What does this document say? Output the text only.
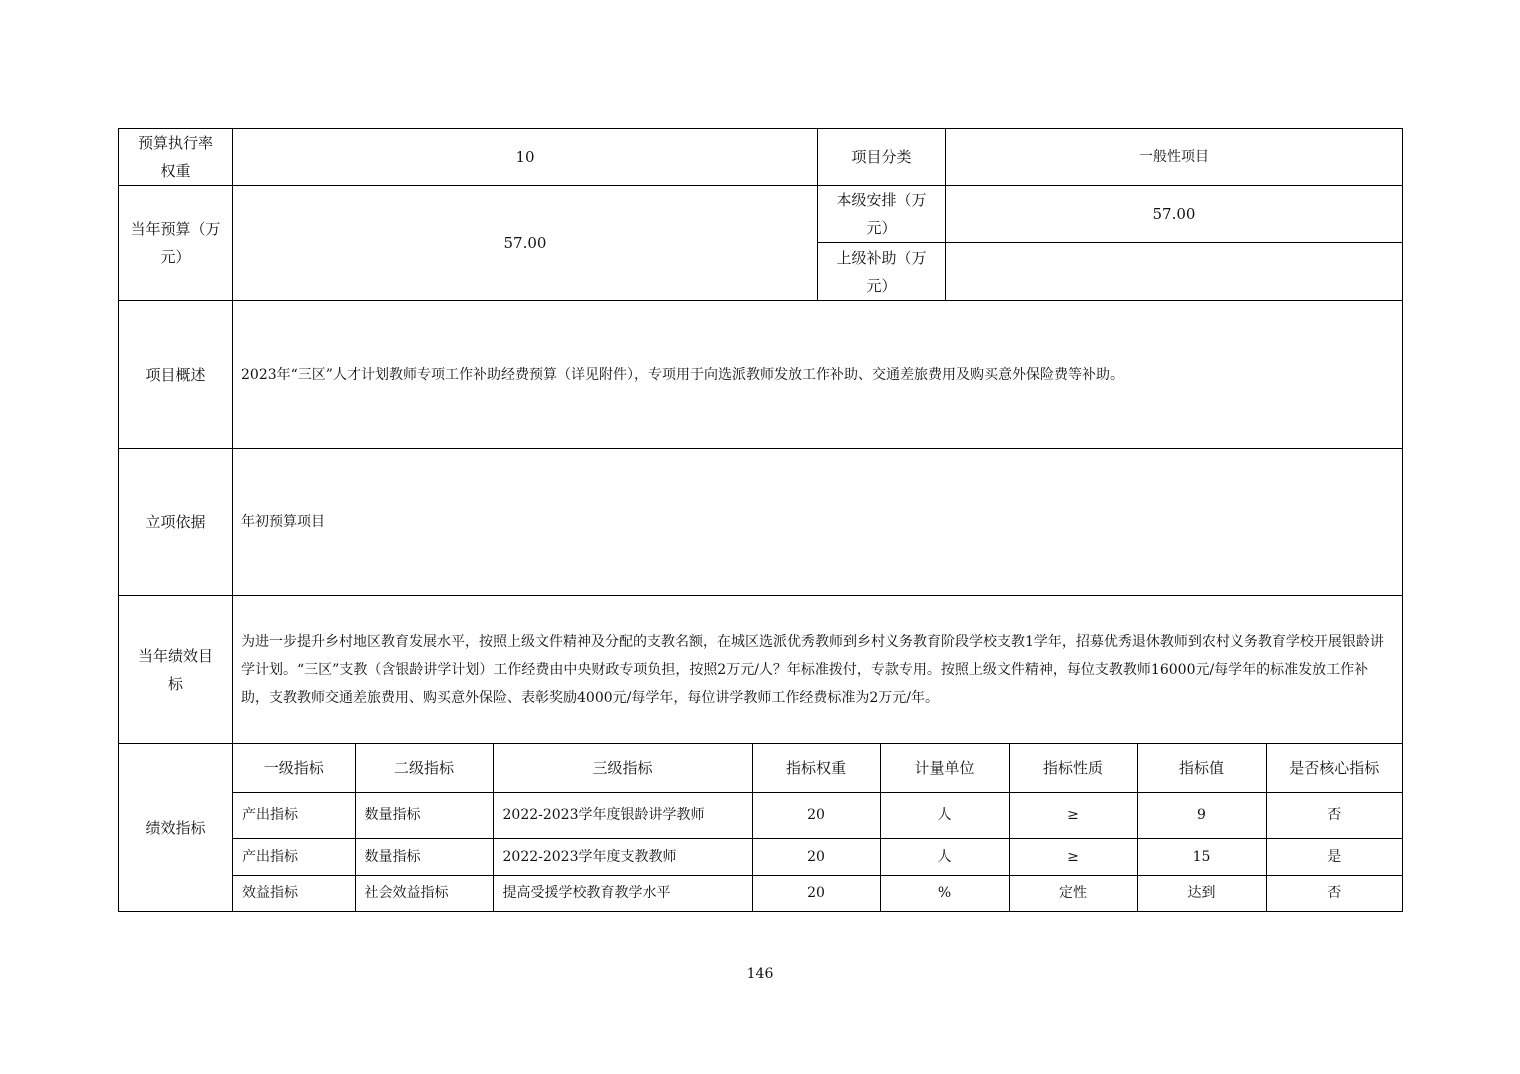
预算执行率权重	10	项目分类	一般性项目
当年预算（万元）	57.00	本级安排（万元）	57.00
上级补助（万元）	
项目概述	2023年“三区”人才计划教师专项工作补助经费预算（详见附件），专项用于向选派教师发放工作补助、交通差旅费用及购买意外保险费等补助。
立项依据	年初预算项目
当年绩效目标	为进一步提升乡村地区教育发展水平，按照上级文件精神及分配的支教名额，在城区选派优秀教师到乡村义务教育阶段学校支教1学年，招募优秀退休教师到农村义务教育学校开展银龄讲学计划。“三区”支教（含银龄讲学计划）工作经费由中央财政专项负担，按照2万元/人？年标准拨付，专款专用。按照上级文件精神，每位支教教师16000元/每学年的标准发放工作补助，支教教师交通差旅费用、购买意外保险、表彰奖励4000元/每学年，每位讲学教师工作经费标准为2万元/年。
绩效指标	
一级指标	二级指标	三级指标	指标权重	计量单位	指标性质	指标值	是否核心指标
产出指标	数量指标	2022-2023学年度银龄讲学教师	20	人	≥	9	否
产出指标	数量指标	2022-2023学年度支教教师	20	人	≥	15	是
效益指标	社会效益指标	提高受援学校教育教学水平	20	%	定性	达到	否
146
